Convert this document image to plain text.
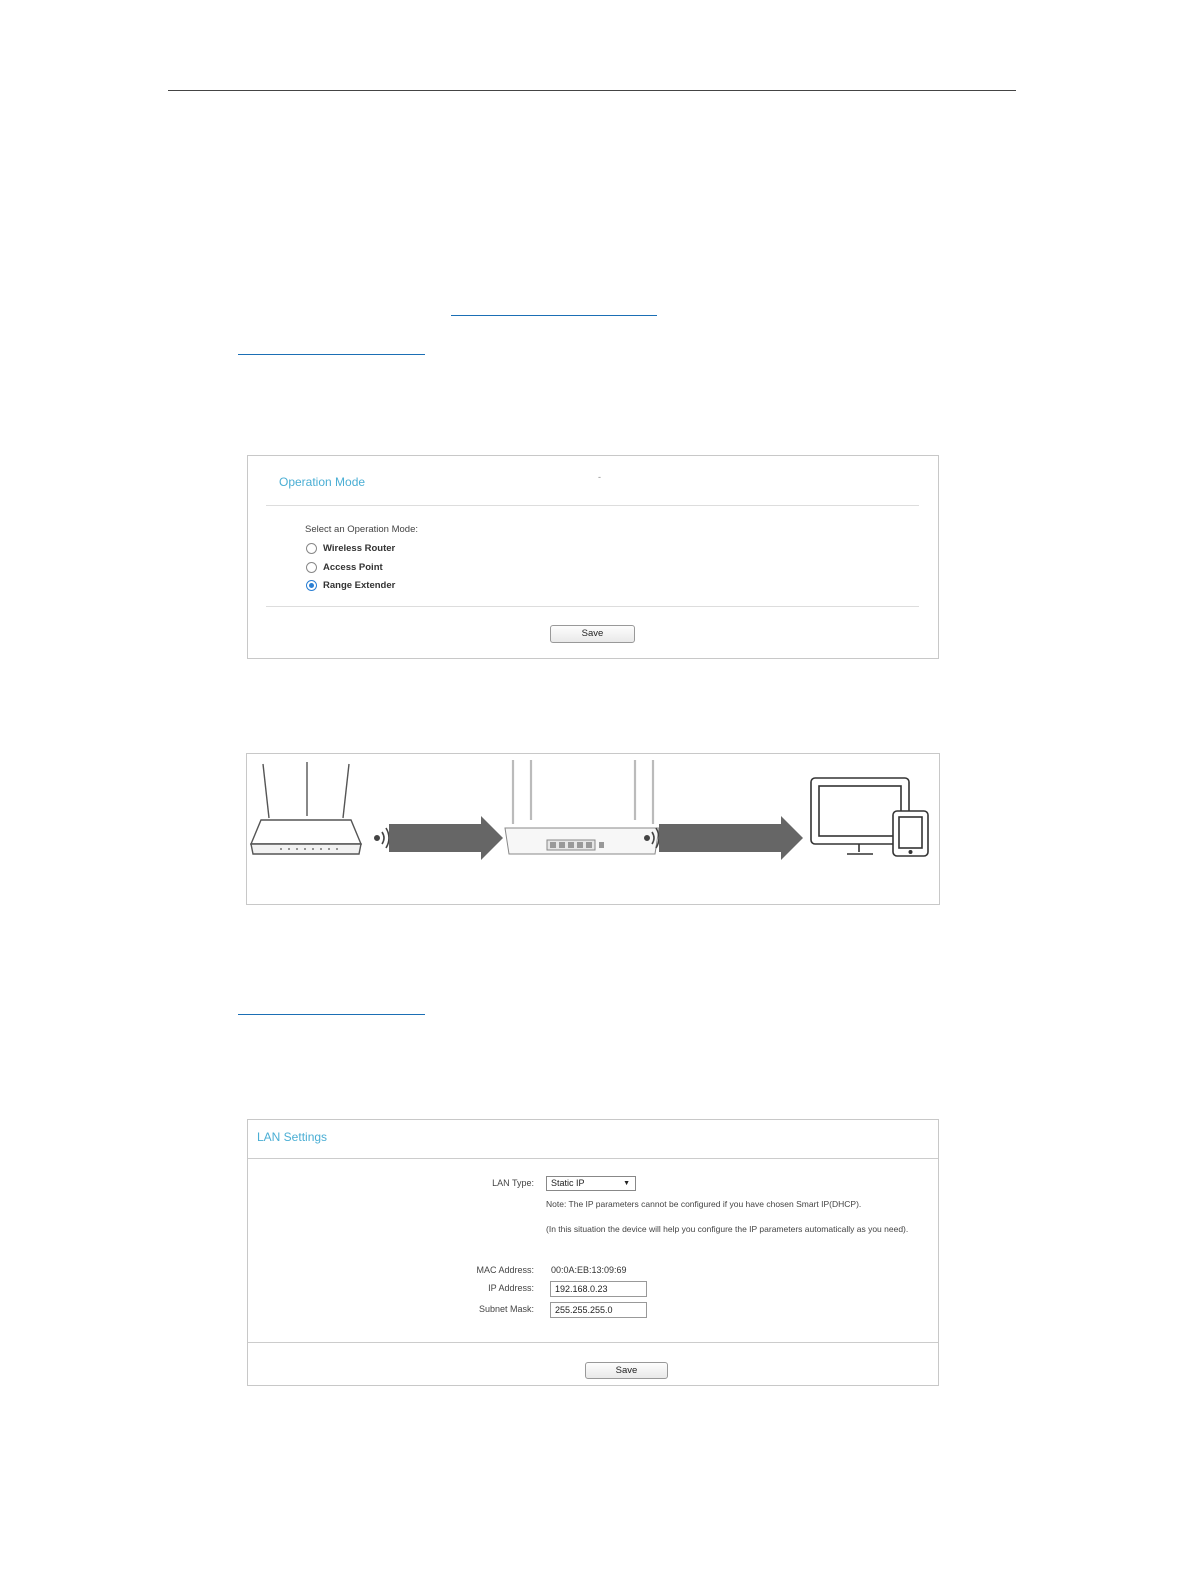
Operation Mode	-
Select an Operation Mode:
Wireless Router
Access Point
Range Extender
Save
LAN Settings
LAN Type:	Static IP	▼
Note: The IP parameters cannot be configured if you have chosen Smart IP(DHCP).
(In this situation the device will help you configure the IP parameters automatically as you need).
MAC Address: 00:0A:EB:13:09:69
IP Address:	192.168.0.23
Subnet Mask:	255.255.255.0
Save
